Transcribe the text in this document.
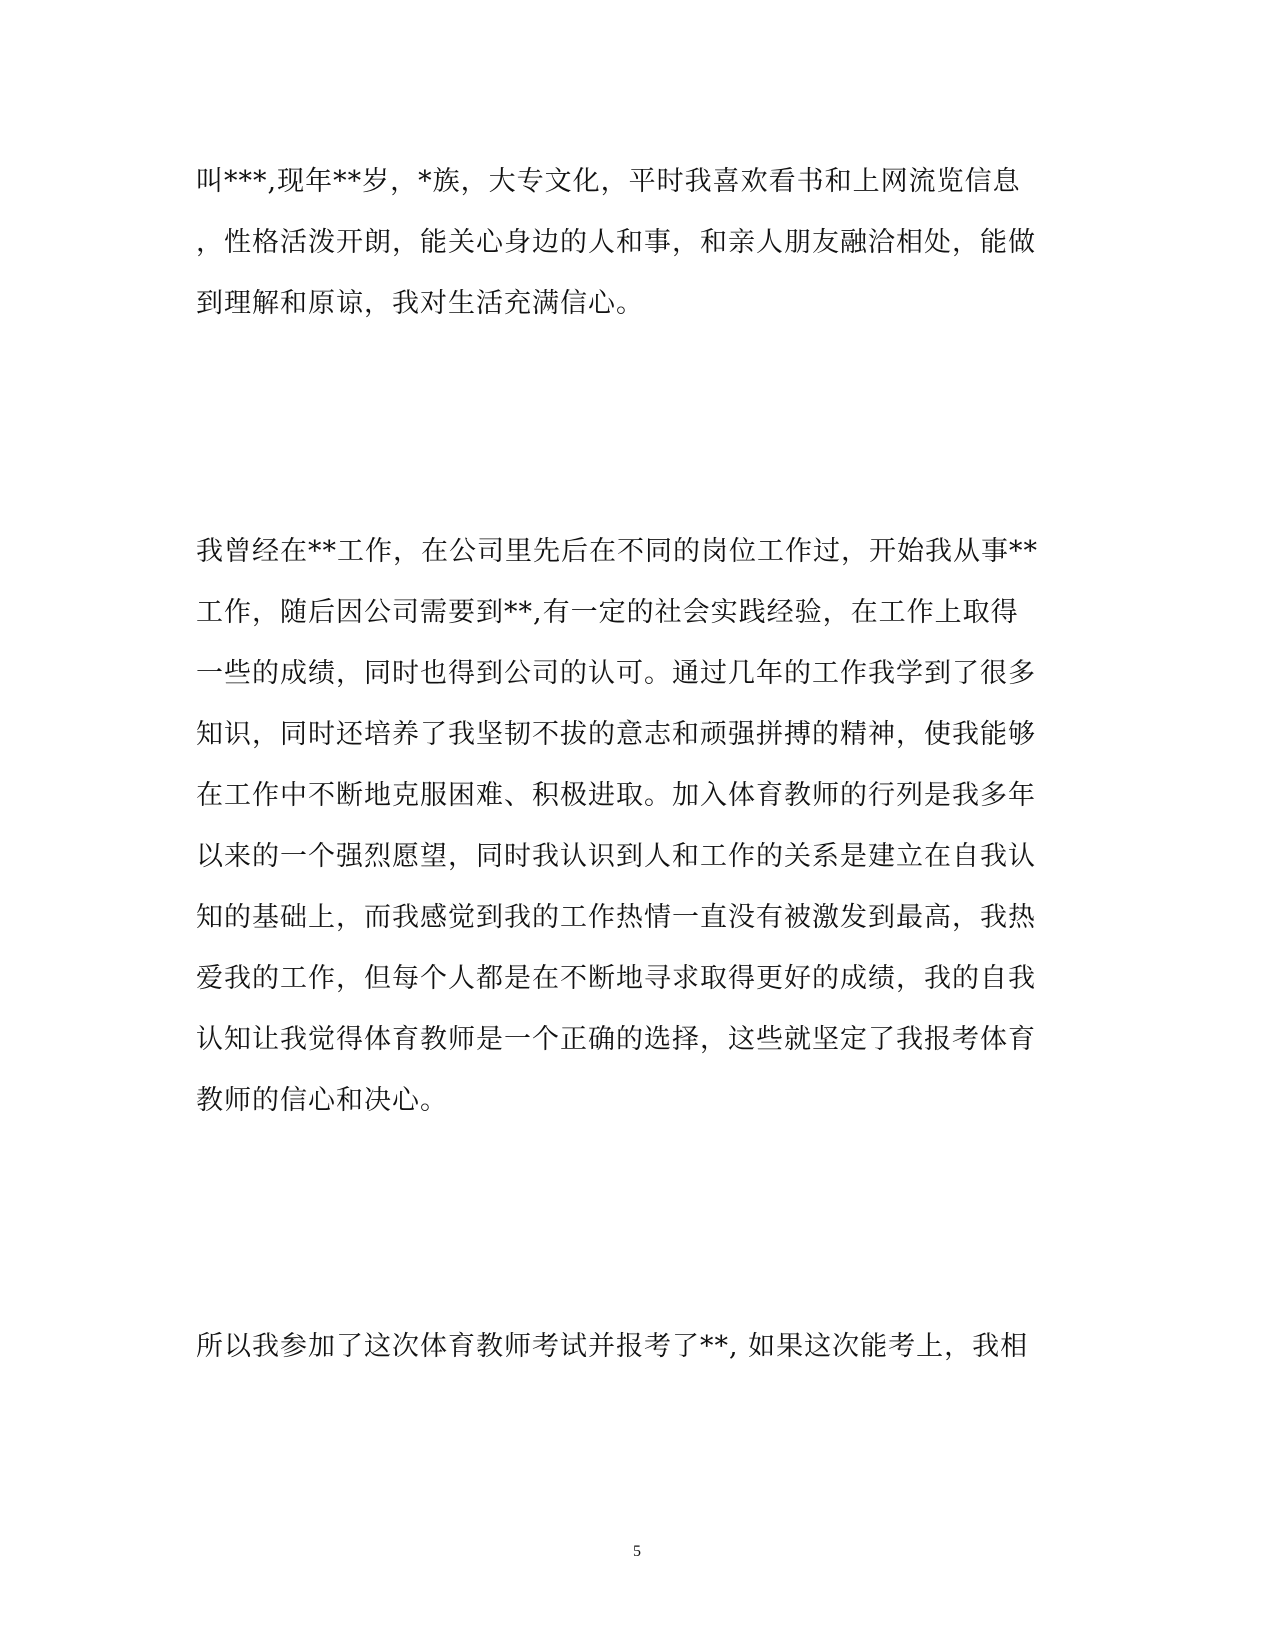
叫***,现年**岁，*族，大专文化，平时我喜欢看书和上网流览信息
，性格活泼开朗，能关心身边的人和事，和亲人朋友融洽相处，能做
到理解和原谅，我对生活充满信心。
我曾经在**工作，在公司里先后在不同的岗位工作过，开始我从事**
工作，随后因公司需要到**,有一定的社会实践经验，在工作上取得
一些的成绩，同时也得到公司的认可。通过几年的工作我学到了很多
知识，同时还培养了我坚韧不拔的意志和顽强拼搏的精神，使我能够
在工作中不断地克服困难、积极进取。加入体育教师的行列是我多年
以来的一个强烈愿望，同时我认识到人和工作的关系是建立在自我认
知的基础上，而我感觉到我的工作热情一直没有被激发到最高，我热
爱我的工作，但每个人都是在不断地寻求取得更好的成绩，我的自我
认知让我觉得体育教师是一个正确的选择，这些就坚定了我报考体育
教师的信心和决心。
所以我参加了这次体育教师考试并报考了**, 如果这次能考上，我相
5
